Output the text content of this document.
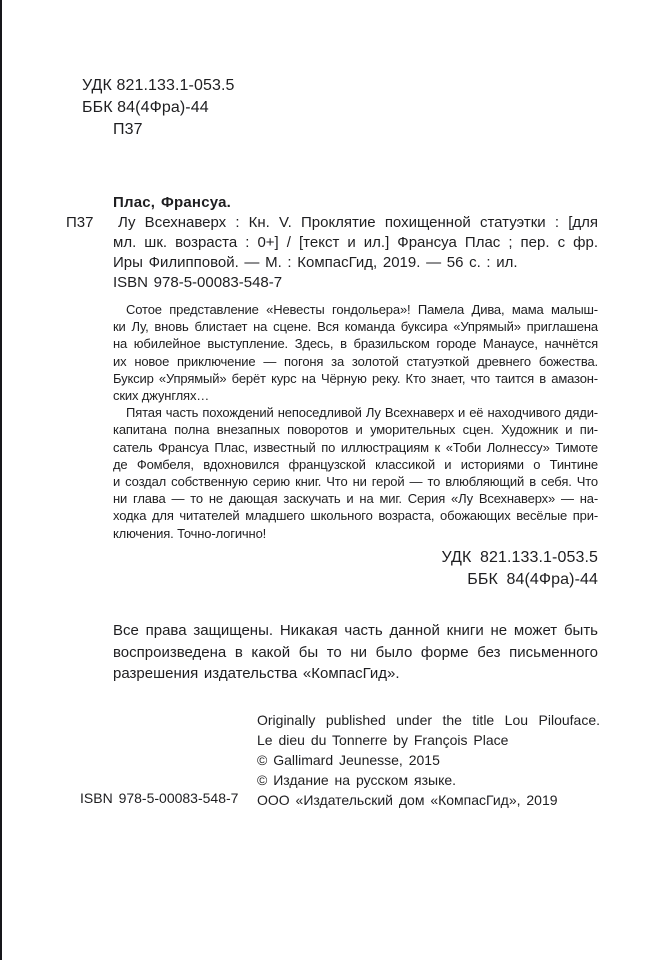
УДК 821.133.1-053.5
ББК 84(4Фра)-44
П37
П37
Плас, Франсуа.
Лу Всехнаверх : Кн. V. Проклятие похищенной статуэтки : [для
мл. шк. возраста : 0+] / [текст и ил.] Франсуа Плас ; пер. с фр.
Иры Филипповой. — М. : КомпасГид, 2019. — 56 с. : ил.
ISBN 978-5-00083-548-7
Сотое представление «Невесты гондольера»! Памела Дива, мама малыш-
ки Лу, вновь блистает на сцене. Вся команда буксира «Упрямый» приглашена
на юбилейное выступление. Здесь, в бразильском городе Манаусе, начнётся
их новое приключение — погоня за золотой статуэткой древнего божества.
Буксир «Упрямый» берёт курс на Чёрную реку. Кто знает, что таится в амазон-
ских джунглях…
Пятая часть похождений непоседливой Лу Всехнаверх и её находчивого дяди-
капитана полна внезапных поворотов и уморительных сцен. Художник и пи-
сатель Франсуа Плас, известный по иллюстрациям к «Тоби Лолнессу» Тимоте
де Фомбеля, вдохновился французской классикой и историями о Тинтине
и создал собственную серию книг. Что ни герой — то влюбляющий в себя. Что
ни глава — то не дающая заскучать и на миг. Серия «Лу Всехнаверх» — на-
ходка для читателей младшего школьного возраста, обожающих весёлые при-
ключения. Точно-логично!
УДК 821.133.1-053.5
ББК 84(4Фра)-44
Все права защищены. Никакая часть данной книги не может быть
воспроизведена в какой бы то ни было форме без письменного
разрешения издательства «КомпасГид».
Originally published under the title Lou Pilouface.
Le dieu du Tonnerre by François Place
© Gallimard Jeunesse, 2015
© Издание на русском языке.
ООО «Издательский дом «КомпасГид», 2019
ISBN 978-5-00083-548-7
